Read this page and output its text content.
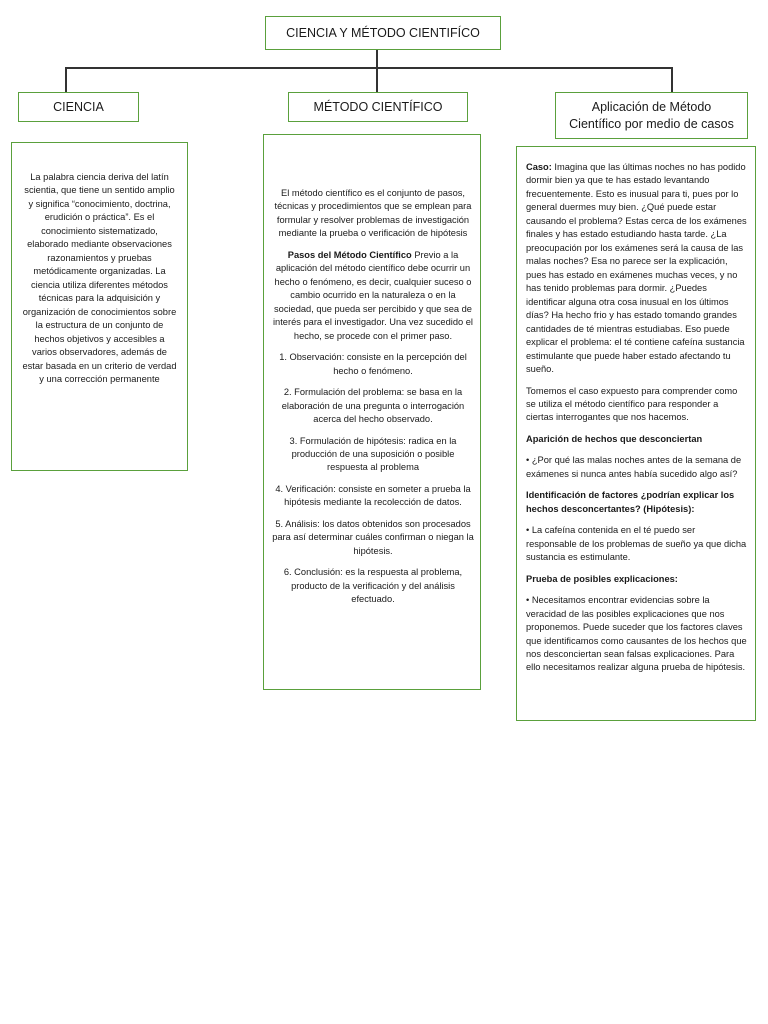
CIENCIA Y MÉTODO CIENTIFÍCO
CIENCIA	MÉTODO CIENTÍFICO	Aplicación de Método Científico por medio de casos

La palabra ciencia deriva del latín scientia, que tiene un sentido amplio y significa “conocimiento, doctrina, erudición o práctica”. Es el conocimiento sistematizado, elaborado mediante observaciones razonamientos y pruebas metódicamente organizadas. La ciencia utiliza diferentes métodos técnicas para la adquisición y organización de conocimientos sobre la estructura de un conjunto de hechos objetivos y accesibles a varios observadores, además de estar basada en un criterio de verdad y una corrección permanente

El método científico es el conjunto de pasos, técnicas y procedimientos que se emplean para formular y resolver problemas de investigación mediante la prueba o verificación de hipótesis

Pasos del Método Científico Previo a la aplicación del método científico debe ocurrir un hecho o fenómeno, es decir, cualquier suceso o cambio ocurrido en la naturaleza o en la sociedad, que pueda ser percibido y que sea de interés para el investigador. Una vez sucedido el hecho, se procede con el primer paso.

1. Observación: consiste en la percepción del hecho o fenómeno.

2. Formulación del problema: se basa en la elaboración de una pregunta o interrogación acerca del hecho observado.

3. Formulación de hipótesis: radica en la producción de una suposición o posible respuesta al problema

4. Verificación: consiste en someter a prueba la hipótesis mediante la recolección de datos.

5. Análisis: los datos obtenidos son procesados para así determinar cuáles confirman o niegan la hipótesis.

6. Conclusión: es la respuesta al problema, producto de la verificación y del análisis efectuado.

Caso: Imagina que las últimas noches no has podido dormir bien ya que te has estado levantando frecuentemente. Esto es inusual para ti, pues por lo general duermes muy bien. ¿Qué puede estar causando el problema? Estas cerca de los exámenes finales y has estado estudiando hasta tarde. ¿La preocupación por los exámenes será la causa de las malas noches? Esa no parece ser la explicación, pues has estado en exámenes muchas veces, y no has tenido problemas para dormir. ¿Puedes identificar alguna otra cosa inusual en los últimos días? Ha hecho frio y has estado tomando grandes cantidades de té mientras estudiabas. Eso puede explicar el problema: el té contiene cafeína sustancia estimulante que puede haber estado afectando tu sueño.

Tomemos el caso expuesto para comprender como se utiliza el método científico para responder a ciertas interrogantes que nos hacemos.

Aparición de hechos que desconciertan

• ¿Por qué las malas noches antes de la semana de exámenes si nunca antes había sucedido algo así?

Identificación de factores ¿podrían explicar los hechos desconcertantes? (Hipótesis):

• La cafeína contenida en el té puedo ser responsable de los problemas de sueño ya que dicha sustancia es estimulante.

Prueba de posibles explicaciones:

• Necesitamos encontrar evidencias sobre la veracidad de las posibles explicaciones que nos proponemos. Puede suceder que los factores claves que identificamos como causantes de los hechos que nos desconciertan sean falsas explicaciones. Para ello necesitamos realizar alguna prueba de hipótesis.
